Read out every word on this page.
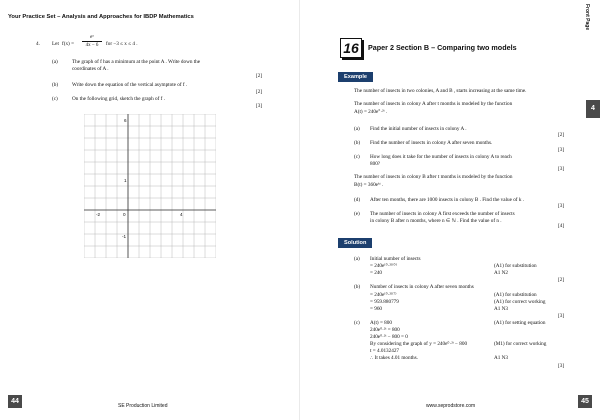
Your Practice Set – Analysis and Approaches for IBDP Mathematics
4. Let f(x) =
eˣ
4x − 6	for −3 ≤ x ≤ 4 .
(a)	The graph of f has a minimum at the point A . Write down the
coordinates of A .
[2]
(b)	Write down the equation of the vertical asymptote of f .
[2]
(c)	On the following grid, sketch the graph of f .
[3]
6
1
-2	0	4
-1
44
SE Production Limited
Front Page
16	Paper 2 Section B – Comparing two models
Example
The number of insects in two colonies, A and B , starts increasing at the same time.
The number of insects in colony A after t months is modeled by the function
A(t) = 240e°·²ᵗ .
(a) Find the initial number of insects in colony A .
[2]
(b) Find the number of insects in colony A after seven months.
[3]
(c) How long does it take for the number of insects in colony A to reach
800?
[3]
The number of insects in colony B after t months is modeled by the function
B(t) = 360eᵏᵗ .
(d) After ten months, there are 1000 insects in colony B . Find the value of k .
[3]
(e) The number of insects in colony A first exceeds the number of insects
in colony B after n months, where n ∈ ℕ . Find the value of n .
[4]
Solution
(a) Initial number of insects
= 240e⁽⁰·²⁾⁽⁰⁾	(A1) for substitution
= 240	A1 N2
[2]
(b) Number of insects in colony A after seven months
= 240e⁽⁰·²⁾⁽⁷⁾	(A1) for substitution
= 959.880779	(A1) for correct working
= 960	A1 N3
[3]
(c) A(t) = 800	(A1) for setting equation
240e⁰·²ᵗ = 800
240e⁰·²ᵗ − 800 = 0
By considering the graph of y = 240e⁰·²ᵗ − 800	(M1) for correct working
t = 4.0132427
∴ It takes 4.01 months.	A1 N3
[3]
4
45
www.seprodstore.com
